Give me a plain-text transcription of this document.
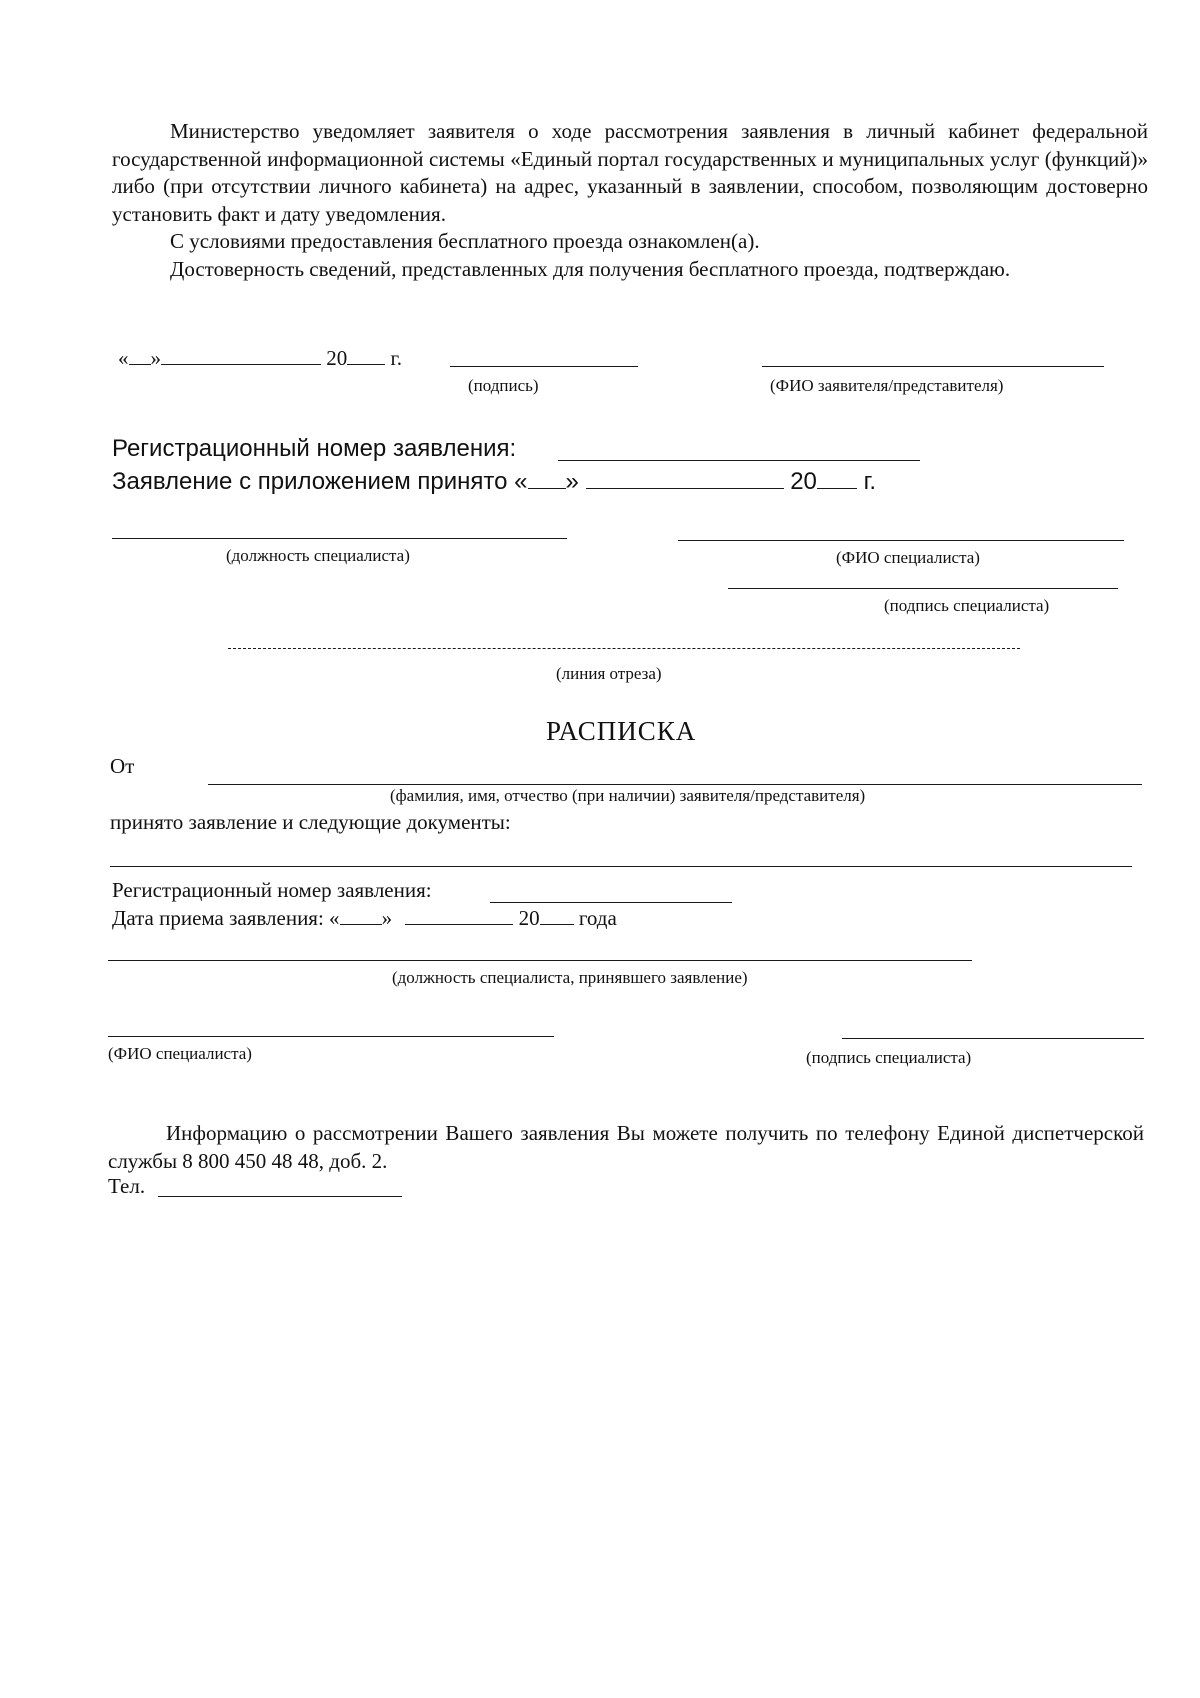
Министерство уведомляет заявителя о ходе рассмотрения заявления в личный кабинет федеральной государственной информационной системы «Единый портал государственных и муниципальных услуг (функций)» либо (при отсутствии личного кабинета) на адрес, указанный в заявлении, способом, позволяющим достоверно установить факт и дату уведомления.

С условиями предоставления бесплатного проезда ознакомлен(а).

Достоверность сведений, представленных для получения бесплатного проезда, подтверждаю.

« »	20 г.
(подпись)	(ФИО заявителя/представителя)
Регистрационный номер заявления:
Заявление с приложением принято « »	20 г.
(должность специалиста)	(ФИО специалиста)
(подпись специалиста)
(линия отреза)
РАСПИСКА
От
(фамилия, имя, отчество (при наличии) заявителя/представителя)
принято заявление и следующие документы:
Регистрационный номер заявления:
Дата приема заявления: « »	20 года
(должность специалиста, принявшего заявление)
(ФИО специалиста)	(подпись специалиста)

Информацию о рассмотрении Вашего заявления Вы можете получить по телефону Единой диспетчерской службы 8 800 450 48 48, доб. 2.

Тел.
